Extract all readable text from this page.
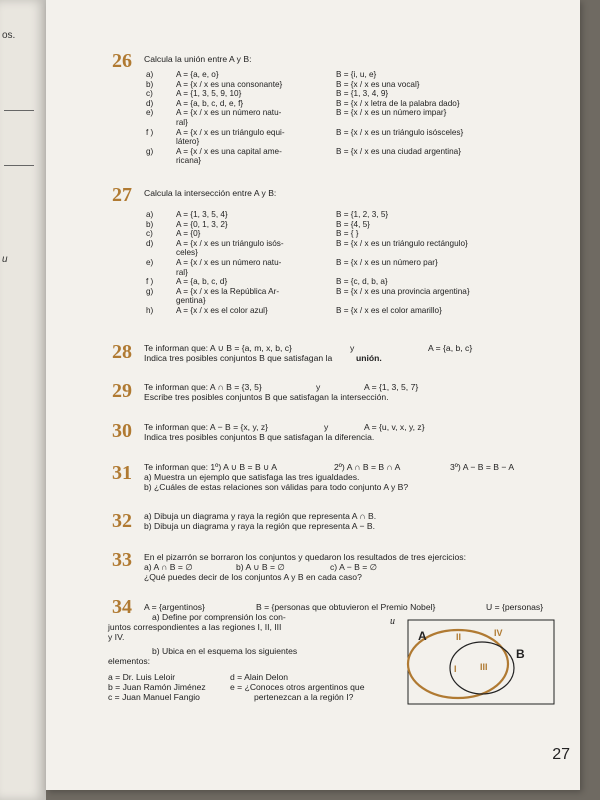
os.
u
26 Calcula la unión entre A y B:
a)	A = {a, e, o}	B = {i, u, e}
b)	A = {x / x es una consonante}	B = {x / x es una vocal}
c)	A = {1, 3, 5, 9, 10}	B = {1, 3, 4, 9}
d)	A = {a, b, c, d, e, f}	B = {x / x letra de la palabra dado}
e)	A = {x / x es un número natu-	B = {x / x es un número impar}
ral}
f )	A = {x / x es un triángulo equi-	B = {x / x es un triángulo isósceles}
látero}
g)	A = {x / x es una capital ame-	B = {x / x es una ciudad argentina}
ricana}
27 Calcula la intersección entre A y B:
a)	A = {1, 3, 5, 4}	B = {1, 2, 3, 5}
b)	A = {0, 1, 3, 2}	B = {4, 5}
c)	A = {0}	B = { }
d)	A = {x / x es un triángulo isós-	B = {x / x es un triángulo rectángulo}
celes}
e)	A = {x / x es un número natu-	B = {x / x es un número par}
ral}
f )	A = {a, b, c, d}	B = {c, d, b, a}
g)	A = {x / x es la República Ar-	B = {x / x es una provincia argentina}
gentina}
h)	A = {x / x es el color azul}	B = {x / x es el color amarillo}
28 Te informan que: A ∪ B = {a, m, x, b, c}	y	A = {a, b, c}
Indica tres posibles conjuntos B que satisfagan la	unión.
29 Te informan que: A ∩ B = {3, 5}	y	A = {1, 3, 5, 7}
Escribe tres posibles conjuntos B que satisfagan la intersección.
30 Te informan que: A − B = {x, y, z}	y	A = {u, v, x, y, z}
Indica tres posibles conjuntos B que satisfagan la diferencia.
31 Te informan que: 1º) A ∪ B = B ∪ A	2º) A ∩ B = B ∩ A	3º) A − B = B − A
a) Muestra un ejemplo que satisfaga las tres igualdades.
b) ¿Cuáles de estas relaciones son válidas para todo conjunto A y B?
32 a) Dibuja un diagrama y raya la región que representa A ∩ B.
b) Dibuja un diagrama y raya la región que representa A − B.
33 En el pizarrón se borraron los conjuntos y quedaron los resultados de tres ejercicios:
a) A ∩ B = ∅	b) A ∪ B = ∅	c) A − B = ∅
¿Qué puedes decir de los conjuntos A y B en cada caso?
34 A = {argentinos}	B = {personas que obtuvieron el Premio Nobel}	U = {personas}
a) Define por comprensión los con-
juntos correspondientes a las regiones I, II, III
y IV.
b) Ubica en el esquema los siguientes
elementos:
a = Dr. Luis Leloir	d = Alain Delon
b = Juan Ramón Jiménez	e = ¿Conoces otros argentinos que
c = Juan Manuel Fangio	pertenezcan a la región I?
u
A
B
II	IV
I	III
27
